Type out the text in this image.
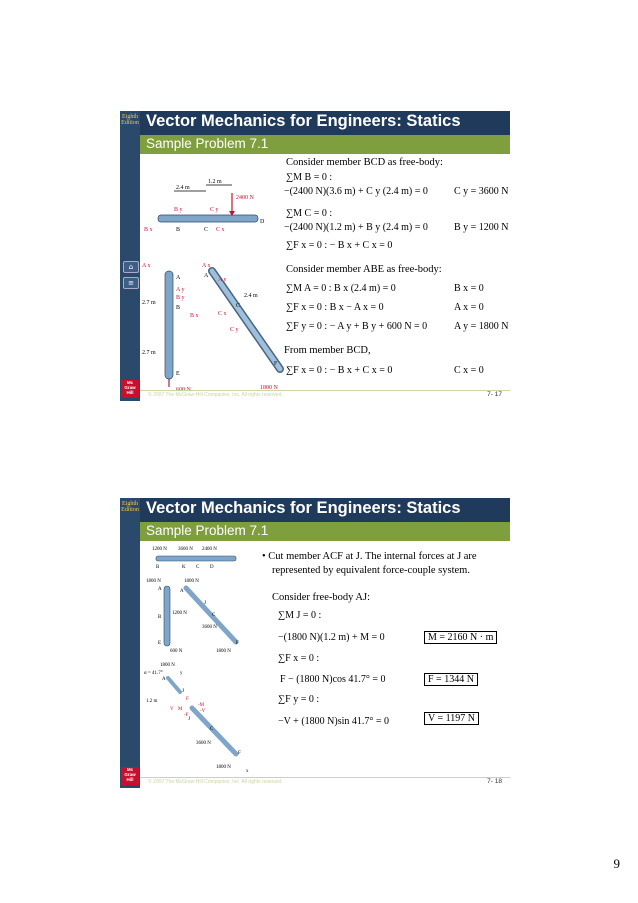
Eighth Edition
⌂
≡
Mc Graw Hill
Vector Mechanics for Engineers: Statics
Sample Problem 7.1
2.4 m
1.2 m
2400 N
B y	C y
B x	B	C C x
D
A x
A y
A x
A y
A	A
2.7 m
2.7 m
B y
B x
B
E
600 N
C
C x
C y
2.4 m
F
1800 N
Consider member BCD as free-body:
∑M B = 0 :
−(2400 N)(3.6 m) + C y (2.4 m) = 0	C y = 3600 N
∑M C = 0 :
−(2400 N)(1.2 m) + B y (2.4 m) = 0	B y = 1200 N
∑F x = 0 : − B x + C x = 0
Consider member ABE as free-body:
∑M A = 0 : B x (2.4 m) = 0	B x = 0
∑F x = 0 : B x − A x = 0	A x = 0
∑F y = 0 : − A y + B y + 600 N = 0	A y = 1800 N
From member BCD,
∑F x = 0 : − B x + C x = 0	C x = 0
© 2007 The McGraw-Hill Companies, Inc. All rights reserved.	7- 17
Eighth Edition
Mc Graw Hill
Vector Mechanics for Engineers: Statics
Sample Problem 7.1
1200 N 3600 N 2400 N
B	K C D
1800 N	1800 N
A	A
J
1200 N
B	C
3600 N
E
600 N
F
1800 N
α = 41.7°
1800 N
y
A
J
1.2 m	F
-M
V M	-V
-F
J
C
3600 N
F
1800 N
x
• Cut member ACF at J. The internal forces at J are
represented by equivalent force-couple system.
Consider free-body AJ:
∑M J = 0 :
−(1800 N)(1.2 m) + M = 0	M = 2160 N · m
∑F x = 0 :
F − (1800 N)cos 41.7° = 0	F = 1344 N
∑F y = 0 :
−V + (1800 N)sin 41.7° = 0	V = 1197 N
© 2007 The McGraw-Hill Companies, Inc. All rights reserved.	7- 18
9
